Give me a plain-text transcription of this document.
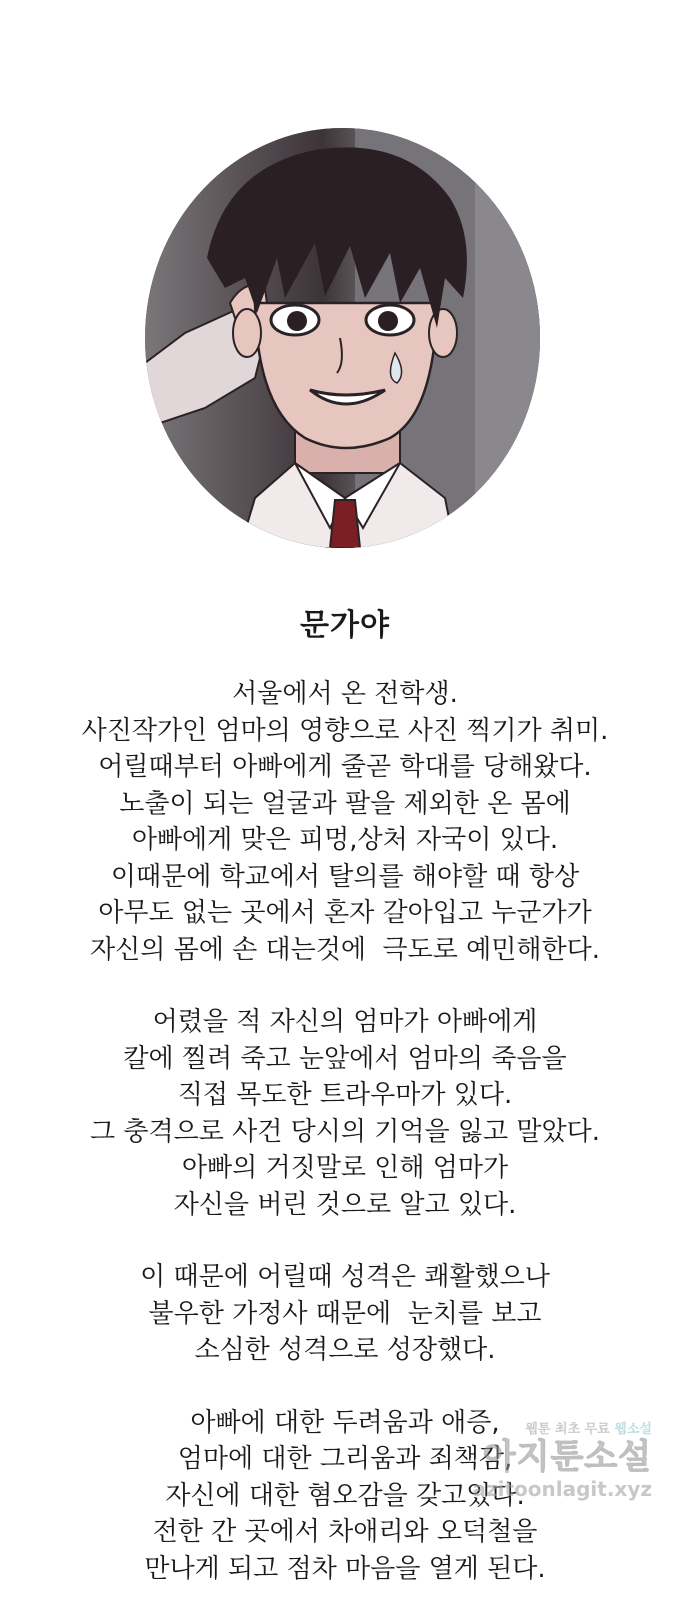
문가야
서울에서 온 전학생.
사진작가인 엄마의 영향으로 사진 찍기가 취미.
어릴때부터 아빠에게 줄곧 학대를 당해왔다.
노출이 되는 얼굴과 팔을 제외한 온 몸에
아빠에게 맞은 피멍,상처 자국이 있다.
이때문에 학교에서 탈의를 해야할 때 항상
아무도 없는 곳에서 혼자 갈아입고 누군가가
자신의 몸에 손 대는것에  극도로 예민해한다.
어렸을 적 자신의 엄마가 아빠에게
칼에 찔려 죽고 눈앞에서 엄마의 죽음을
직접 목도한 트라우마가 있다.
그 충격으로 사건 당시의 기억을 잃고 말았다.
아빠의 거짓말로 인해 엄마가
자신을 버린 것으로 알고 있다.
이 때문에 어릴때 성격은 쾌활했으나
불우한 가정사 때문에  눈치를 보고
소심한 성격으로 성장했다.
아빠에 대한 두려움과 애증,
엄마에 대한 그리움과 죄책감,
자신에 대한 혐오감을 갖고있다.
전한 간 곳에서 차애리와 오덕철을
만나게 되고 점차 마음을 열게 된다.
웹툰 최초 무료 웹소설
아지툰소설
azitoonlagit.xyz
